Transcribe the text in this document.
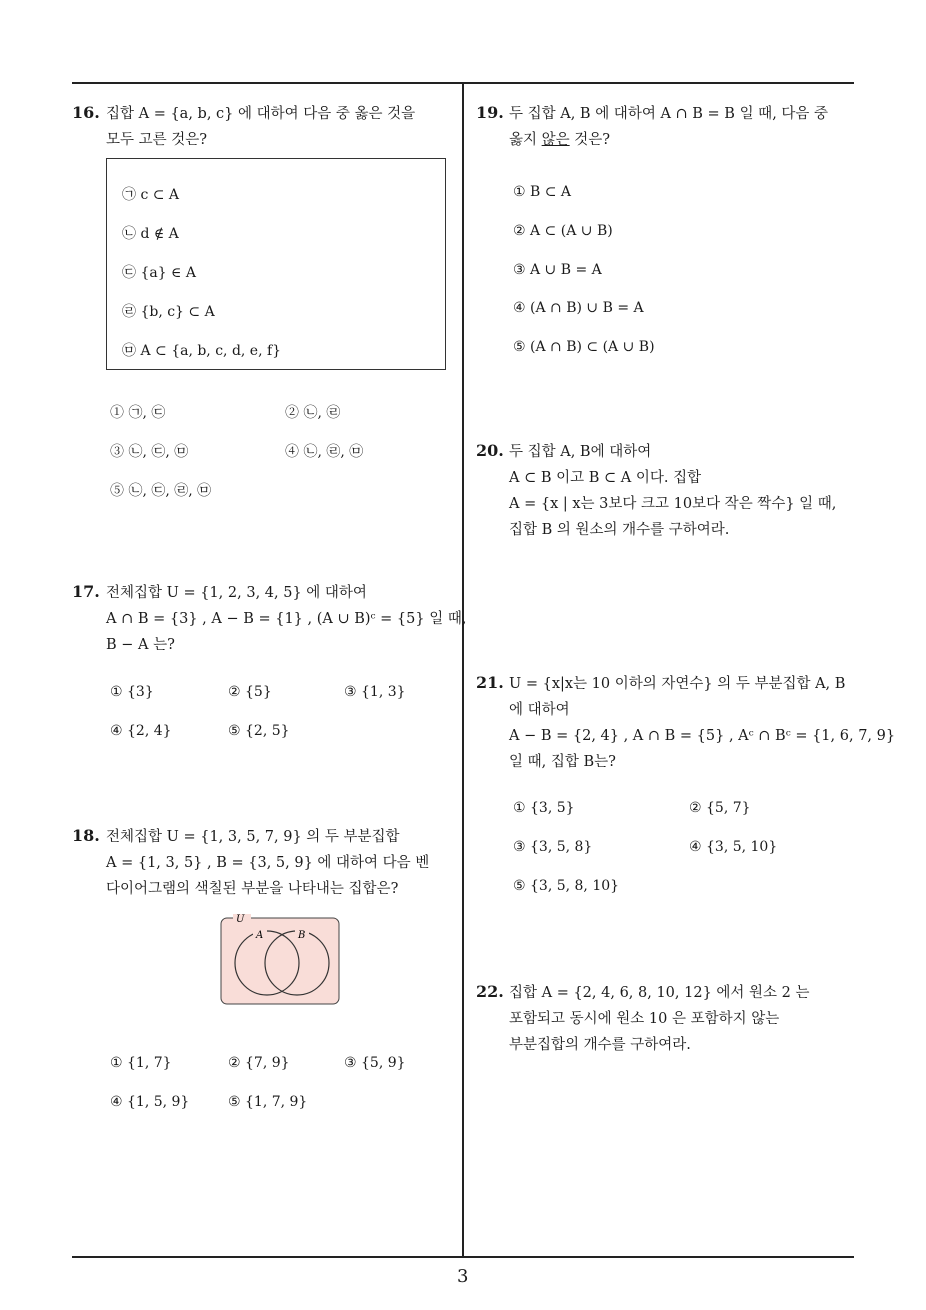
16. 집합 A = {a, b, c} 에 대하여 다음 중 옳은 것을
모두 고른 것은?
㉠ c ⊂ A
㉡ d ∉ A
㉢ {a} ∈ A
㉣ {b, c} ⊂ A
㉤ A ⊂ {a, b, c, d, e, f}
① ㉠, ㉢	② ㉡, ㉣
③ ㉡, ㉢, ㉤	④ ㉡, ㉣, ㉤
⑤ ㉡, ㉢, ㉣, ㉤
17. 전체집합 U = {1, 2, 3, 4, 5} 에 대하여
A ∩ B = {3} , A − B = {1} , (A ∪ B)ᶜ = {5} 일 때,
B − A 는?
① {3}	② {5}	③ {1, 3}
④ {2, 4}	⑤ {2, 5}
18. 전체집합 U = {1, 3, 5, 7, 9} 의 두 부분집합
A = {1, 3, 5} , B = {3, 5, 9} 에 대하여 다음 벤
다이어그램의 색칠된 부분을 나타내는 집합은?
U
A	B
① {1, 7}	② {7, 9}	③ {5, 9}
④ {1, 5, 9}	⑤ {1, 7, 9}
19. 두 집합 A, B 에 대하여 A ∩ B = B 일 때, 다음 중
옳지 않은 것은?
① B ⊂ A
② A ⊂ (A ∪ B)
③ A ∪ B = A
④ (A ∩ B) ∪ B = A
⑤ (A ∩ B) ⊂ (A ∪ B)
20. 두 집합 A, B에 대하여
A ⊂ B 이고 B ⊂ A 이다. 집합
A = {x | x는 3보다 크고 10보다 작은 짝수} 일 때,
집합 B 의 원소의 개수를 구하여라.
21. U = {x|x는 10 이하의 자연수} 의 두 부분집합 A, B
에 대하여
A − B = {2, 4} , A ∩ B = {5} , Aᶜ ∩ Bᶜ = {1, 6, 7, 9}
일 때, 집합 B는?
① {3, 5}	② {5, 7}
③ {3, 5, 8}	④ {3, 5, 10}
⑤ {3, 5, 8, 10}
22. 집합 A = {2, 4, 6, 8, 10, 12} 에서 원소 2 는
포함되고 동시에 원소 10 은 포함하지 않는
부분집합의 개수를 구하여라.
3
